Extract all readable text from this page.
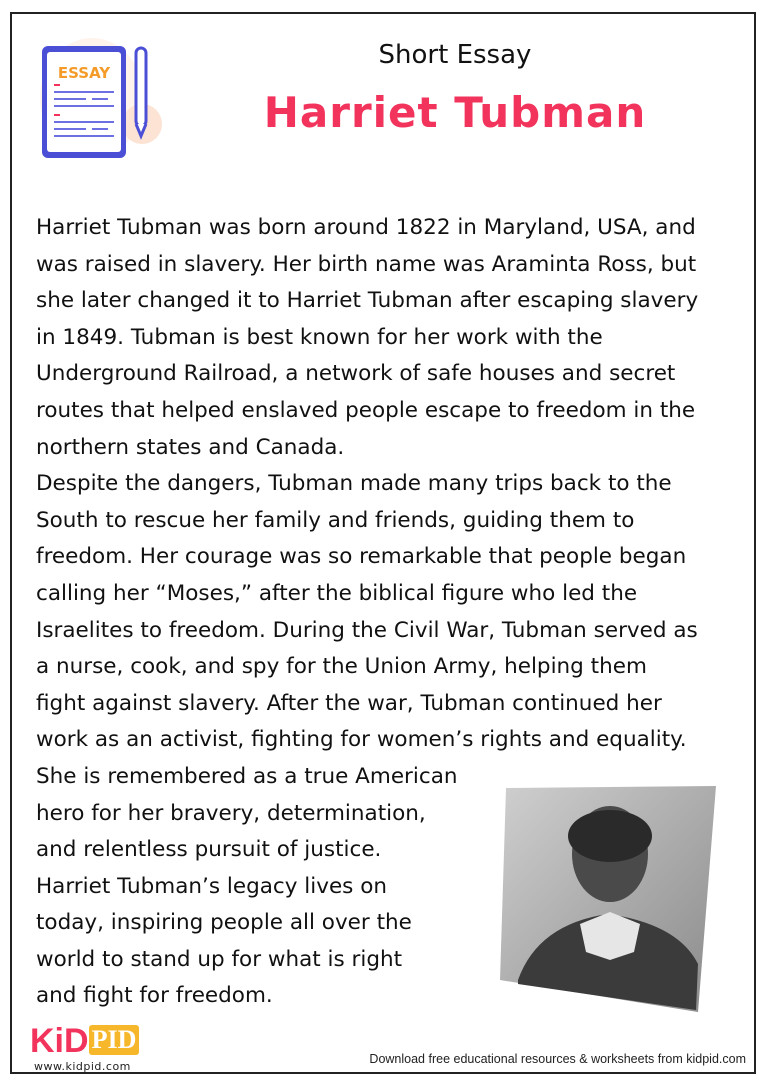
ESSAY
Short Essay
Harriet Tubman
Harriet Tubman was born around 1822 in Maryland, USA, and
was raised in slavery. Her birth name was Araminta Ross, but
she later changed it to Harriet Tubman after escaping slavery
in 1849. Tubman is best known for her work with the
Underground Railroad, a network of safe houses and secret
routes that helped enslaved people escape to freedom in the
northern states and Canada.
Despite the dangers, Tubman made many trips back to the
South to rescue her family and friends, guiding them to
freedom. Her courage was so remarkable that people began
calling her “Moses,” after the biblical figure who led the
Israelites to freedom. During the Civil War, Tubman served as
a nurse, cook, and spy for the Union Army, helping them
fight against slavery. After the war, Tubman continued her
work as an activist, fighting for women’s rights and equality.
She is remembered as a true American
hero for her bravery, determination,
and relentless pursuit of justice.
Harriet Tubman’s legacy lives on
today, inspiring people all over the
world to stand up for what is right
and fight for freedom.
KiD PID
www.kidpid.com
Download free educational resources & worksheets from kidpid.com
